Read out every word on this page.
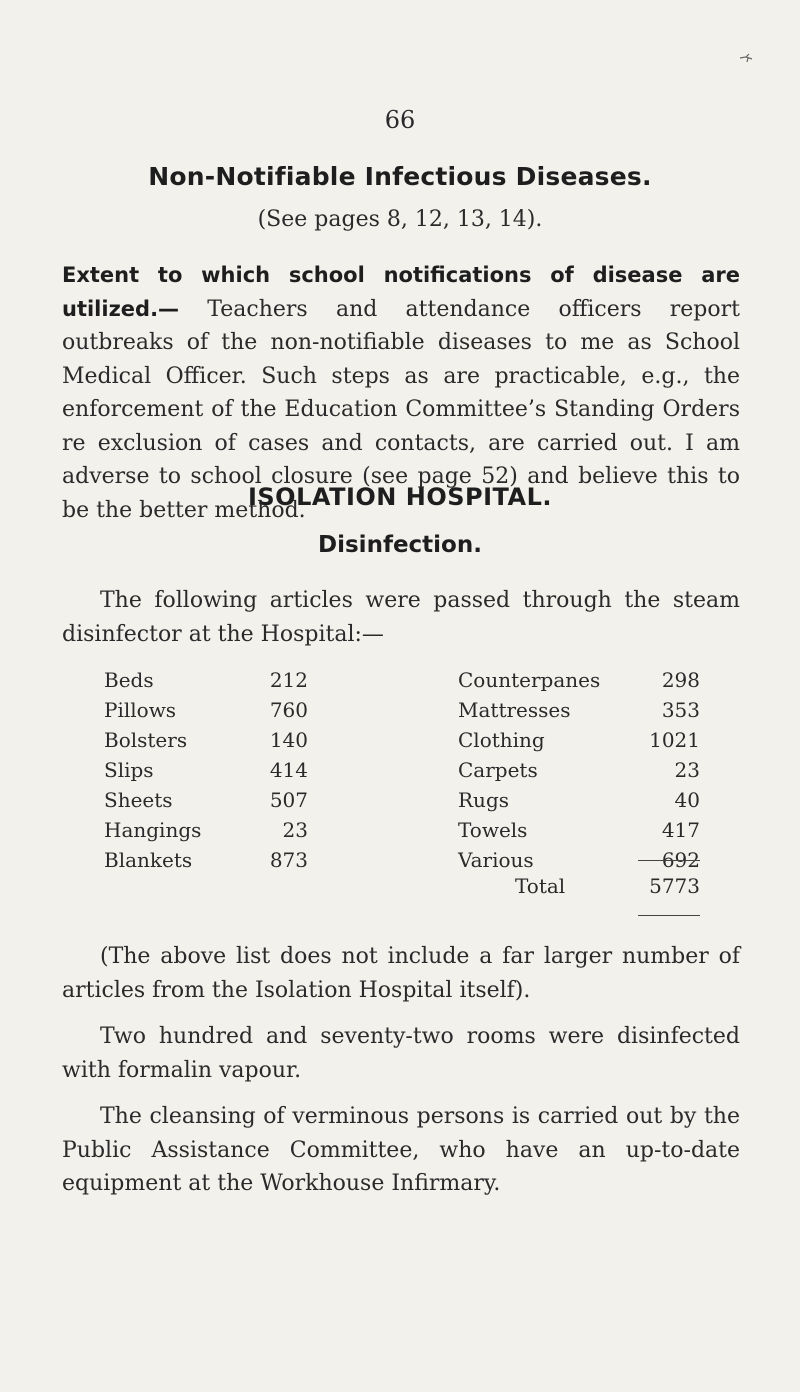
66
Non-Notifiable Infectious Diseases.
(See pages 8, 12, 13, 14).

Extent to which school notifications of disease are utilized.— Teachers and attendance officers report outbreaks of the non-notifiable diseases to me as School Medical Officer. Such steps as are practicable, e.g., the enforcement of the Education Committee’s Standing Orders re exclusion of cases and contacts, are carried out. I am adverse to school closure (see page 52) and believe this to be the better method.

ISOLATION HOSPITAL.
Disinfection.

The following articles were passed through the steam disinfector at the Hospital:—

Beds	212	Counterpanes	298
Pillows	760	Mattresses	353
Bolsters	140	Clothing	1021
Slips	414	Carpets	23
Sheets	507	Rugs	40
Hangings	23	Towels	417
Blankets	873	Various	692
Total	5773

(The above list does not include a far larger number of articles from the Isolation Hospital itself).

Two hundred and seventy-two rooms were disinfected with formalin vapour.

The cleansing of verminous persons is carried out by the Public Assistance Committee, who have an up-to-date equipment at the Workhouse Infirmary.
